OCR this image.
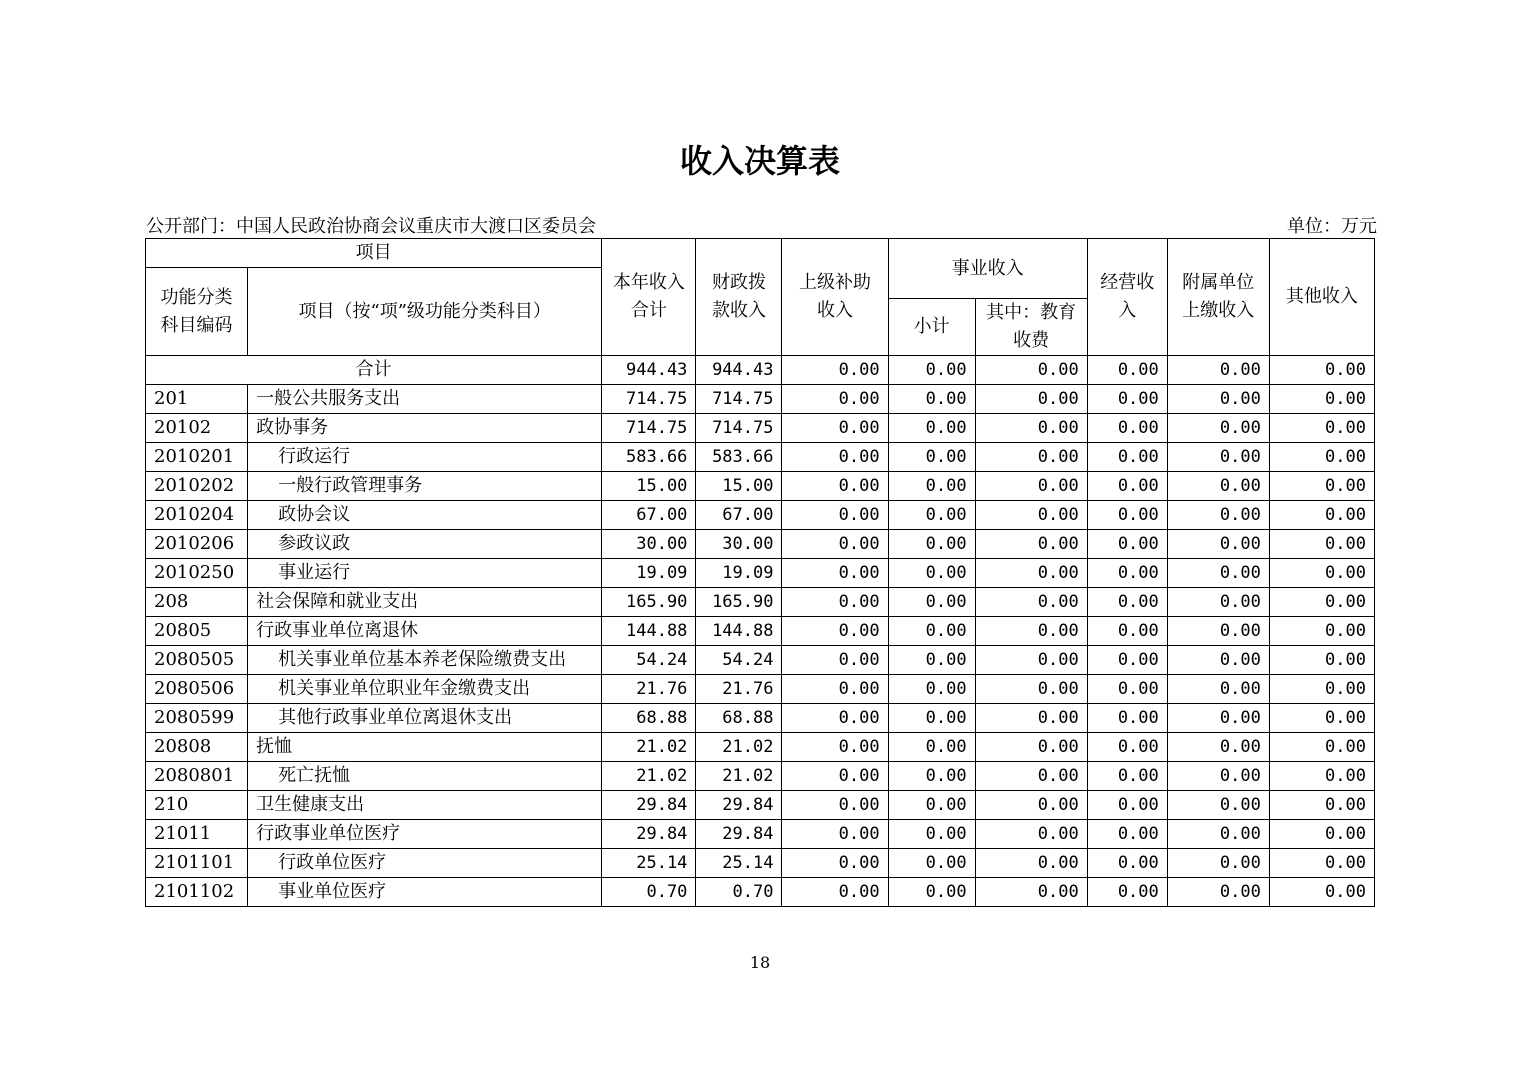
收入决算表
公开部门：中国人民政治协商会议重庆市大渡口区委员会	单位：万元
项目		本年收入合计	财政拨款收入	上级补助收入	事业收入		经营收入	附属单位上缴收入	其他收入
功能分类科目编码	项目（按“项”级功能分类科目）								
					小计	其中：教育收费			
合计		944.43	944.43	0.00	0.00	0.00	0.00	0.00	0.00
201	一般公共服务支出	714.75	714.75	0.00	0.00	0.00	0.00	0.00	0.00
20102	政协事务	714.75	714.75	0.00	0.00	0.00	0.00	0.00	0.00
2010201	行政运行	583.66	583.66	0.00	0.00	0.00	0.00	0.00	0.00
2010202	一般行政管理事务	15.00	15.00	0.00	0.00	0.00	0.00	0.00	0.00
2010204	政协会议	67.00	67.00	0.00	0.00	0.00	0.00	0.00	0.00
2010206	参政议政	30.00	30.00	0.00	0.00	0.00	0.00	0.00	0.00
2010250	事业运行	19.09	19.09	0.00	0.00	0.00	0.00	0.00	0.00
208	社会保障和就业支出	165.90	165.90	0.00	0.00	0.00	0.00	0.00	0.00
20805	行政事业单位离退休	144.88	144.88	0.00	0.00	0.00	0.00	0.00	0.00
2080505	机关事业单位基本养老保险缴费支出	54.24	54.24	0.00	0.00	0.00	0.00	0.00	0.00
2080506	机关事业单位职业年金缴费支出	21.76	21.76	0.00	0.00	0.00	0.00	0.00	0.00
2080599	其他行政事业单位离退休支出	68.88	68.88	0.00	0.00	0.00	0.00	0.00	0.00
20808	抚恤	21.02	21.02	0.00	0.00	0.00	0.00	0.00	0.00
2080801	死亡抚恤	21.02	21.02	0.00	0.00	0.00	0.00	0.00	0.00
210	卫生健康支出	29.84	29.84	0.00	0.00	0.00	0.00	0.00	0.00
21011	行政事业单位医疗	29.84	29.84	0.00	0.00	0.00	0.00	0.00	0.00
2101101	行政单位医疗	25.14	25.14	0.00	0.00	0.00	0.00	0.00	0.00
2101102	事业单位医疗	0.70	0.70	0.00	0.00	0.00	0.00	0.00	0.00
18
